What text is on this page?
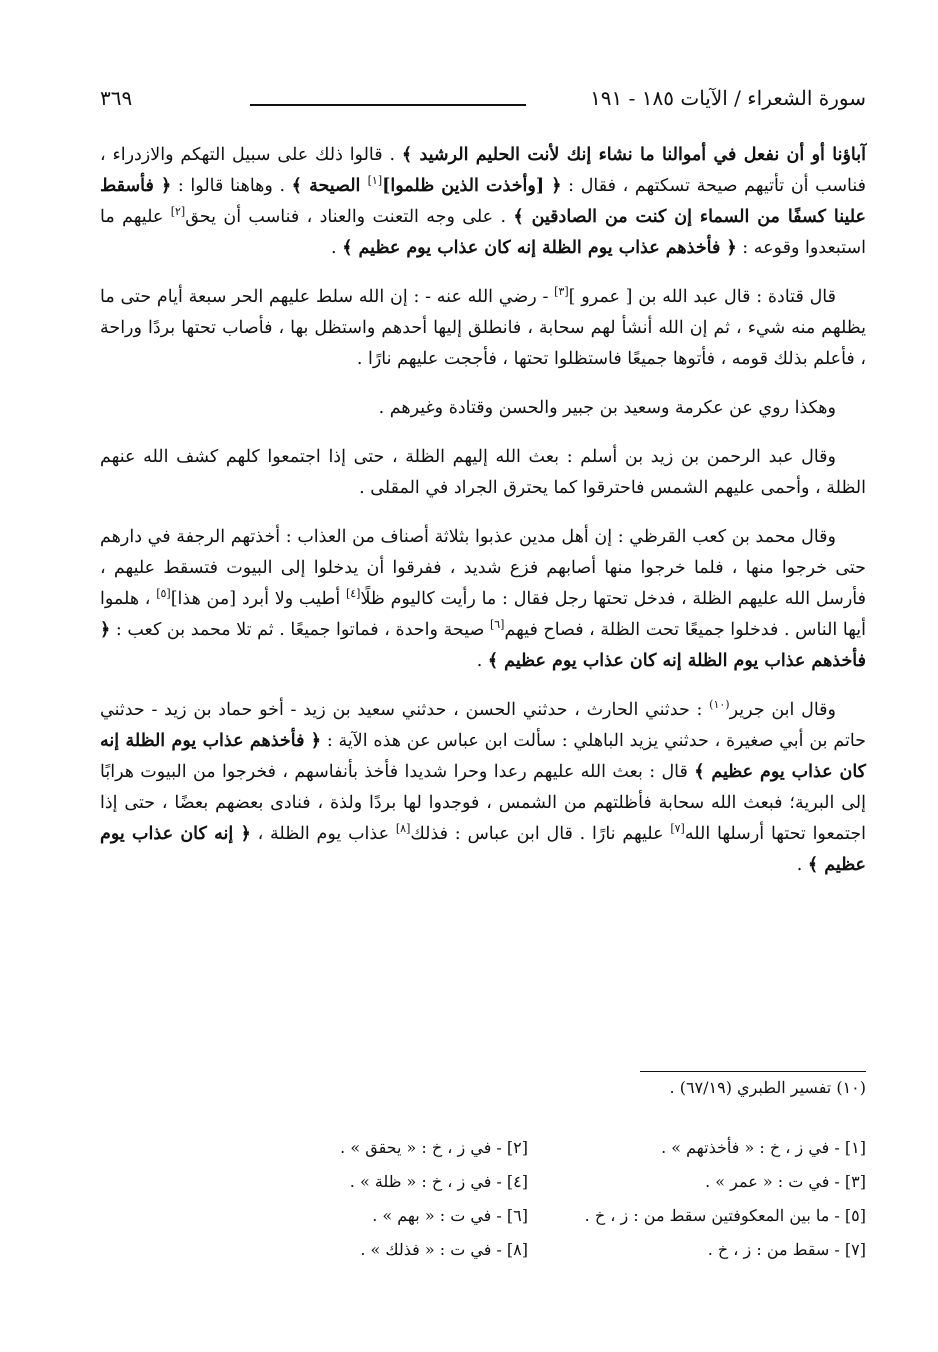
سورة الشعراء / الآيات ١٨٥ - ١٩١
٣٦٩

آباؤنا أو أن نفعل في أموالنا ما نشاء إنك لأنت الحليم الرشيد ﴾ . قالوا ذلك على سبيل التهكم والازدراء ، فناسب أن تأتيهم صيحة تسكتهم ، فقال : ﴿ [وأخذت الذين ظلموا][١] الصيحة ﴾ . وهاهنا قالوا : ﴿ فأسقط علينا كسفًا من السماء إن كنت من الصادقين ﴾ . على وجه التعنت والعناد ، فناسب أن يحق[٢] عليهم ما استبعدوا وقوعه : ﴿ فأخذهم عذاب يوم الظلة إنه كان عذاب يوم عظيم ﴾ .

قال قتادة : قال عبد الله بن [ عمرو ][٣] - رضي الله عنه - : إن الله سلط عليهم الحر سبعة أيام حتى ما يظلهم منه شيء ، ثم إن الله أنشأ لهم سحابة ، فانطلق إليها أحدهم واستظل بها ، فأصاب تحتها بردًا وراحة ، فأعلم بذلك قومه ، فأتوها جميعًا فاستظلوا تحتها ، فأججت عليهم نارًا .

وهكذا روي عن عكرمة وسعيد بن جبير والحسن وقتادة وغيرهم .

وقال عبد الرحمن بن زيد بن أسلم : بعث الله إليهم الظلة ، حتى إذا اجتمعوا كلهم كشف الله عنهم الظلة ، وأحمى عليهم الشمس فاحترقوا كما يحترق الجراد في المقلى .

وقال محمد بن كعب القرظي : إن أهل مدين عذبوا بثلاثة أصناف من العذاب : أخذتهم الرجفة في دارهم حتى خرجوا منها ، فلما خرجوا منها أصابهم فزع شديد ، ففرقوا أن يدخلوا إلى البيوت فتسقط عليهم ، فأرسل الله عليهم الظلة ، فدخل تحتها رجل فقال : ما رأيت كاليوم ظلًا[٤] أطيب ولا أبرد [من هذا][٥] ، هلموا أيها الناس . فدخلوا جميعًا تحت الظلة ، فصاح فيهم[٦] صيحة واحدة ، فماتوا جميعًا . ثم تلا محمد بن كعب : ﴿ فأخذهم عذاب يوم الظلة إنه كان عذاب يوم عظيم ﴾ .

وقال ابن جرير$^{(١٠)}$ : حدثني الحارث ، حدثني الحسن ، حدثني سعيد بن زيد - أخو حماد بن زيد - حدثني حاتم بن أبي صغيرة ، حدثني يزيد الباهلي : سألت ابن عباس عن هذه الآية : ﴿ فأخذهم عذاب يوم الظلة إنه كان عذاب يوم عظيم ﴾ قال : بعث الله عليهم رعدا وحرا شديدا فأخذ بأنفاسهم ، فخرجوا من البيوت هرابًا إلى البرية؛ فبعث الله سحابة فأظلتهم من الشمس ، فوجدوا لها بردًا ولذة ، فنادى بعضهم بعضًا ، حتى إذا اجتمعوا تحتها أرسلها الله[٧] عليهم نارًا . قال ابن عباس : فذلك[٨] عذاب يوم الظلة ، ﴿ إنه كان عذاب يوم عظيم ﴾ .

(١٠) تفسير الطبري (٦٧/١٩) .
[١] - في ز ، خ : « فأخذتهم » .
[٢] - في ز ، خ : « يحقق » .
[٣] - في ت : « عمر » .
[٤] - في ز ، خ : « ظلة » .
[٥] - ما بين المعكوفتين سقط من : ز ، خ .
[٦] - في ت : « بهم » .
[٧] - سقط من : ز ، خ .
[٨] - في ت : « فذلك » .
